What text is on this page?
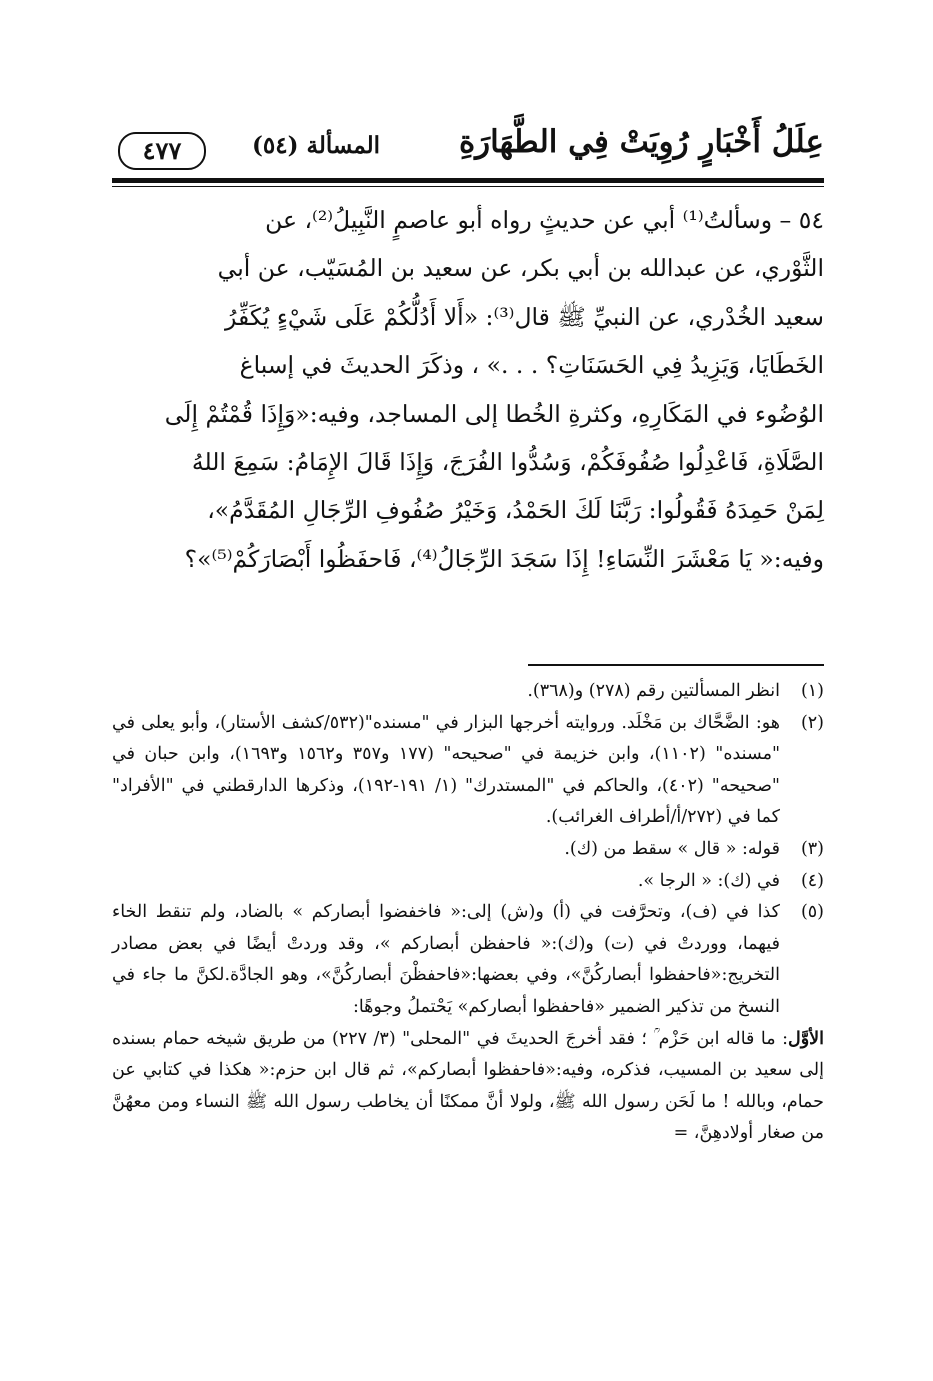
عِلَلُ أَخْبَارٍ رُوِيَتْ فِي الطَّهَارَةِ
المسألة (٥٤)
٤٧٧
٥٤ – وسألتُ⁽¹⁾ أبي عن حديثٍ رواه أبو عاصمٍ النَّبِيلُ⁽²⁾، عن
الثَّوْري، عن عبدالله بن أبي بكر، عن سعيد بن المُسَيّب، عن أبي
سعيد الخُدْري، عن النبيِّ ﷺ قال⁽³⁾: «أَلا أَدُلُّكُمْ عَلَى شَيْءٍ يُكَفِّرُ
الخَطَايَا، وَيَزِيدُ فِي الحَسَنَاتِ؟ . . .» ، وذكَرَ الحديثَ في إسباغ
الوُضُوء في المَكَارِهِ، وكثرةِ الخُطا إلى المساجد، وفيه:«وَإِذَا قُمْتُمْ إِلَى
الصَّلَاةِ، فَاعْدِلُوا صُفُوفَكُمْ، وَسُدُّوا الفُرَجَ، وَإِذَا قَالَ الإِمَامُ: سَمِعَ اللهُ
لِمَنْ حَمِدَهُ فَقُولُوا: رَبَّنَا لَكَ الحَمْدُ، وَخَيْرُ صُفُوفِ الرِّجَالِ المُقَدَّمُ»،
وفيه:« يَا مَعْشَرَ النِّسَاءِ! إِذَا سَجَدَ الرِّجَالُ⁽⁴⁾، فَاحفَظُوا أَبْصَارَكُمْ⁽⁵⁾»؟
(١)
انظر المسألتين رقم (٢٧٨) و(٣٦٨).
(٢)
هو: الضَّحَّاك بن مَخْلَد. وروايته أخرجها البزار في "مسنده"(٥٣٢/كشف الأستار)، وأبو يعلى في "مسنده" (١١٠٢)، وابن خزيمة في "صحيحه" (١٧٧ و٣٥٧ و١٥٦٢ و١٦٩٣)، وابن حبان في "صحيحه" (٤٠٢)، والحاكم في "المستدرك" (١/ ١٩١-١٩٢)، وذكرها الدارقطني في "الأفراد" كما في (٢٧٢/أ/أطراف الغرائب).
(٣)
قوله: « قال » سقط من (ك).
(٤)
في (ك): « الرجا ».
(٥)
كذا في (ف)، وتحرَّفت في (أ) و(ش) إلى:« فاخفضوا أبصاركم » بالضاد، ولم تنقط الخاء فيهما، ووردتْ في (ت) و(ك):« فاحفظن أبصاركم »، وقد وردتْ أيضًا في بعض مصادر التخريج:«فاحفظوا أبصاركُنَّ»، وفي بعضها:«فاحفظْنَ أبصاركُنَّ»، وهو الجادَّة.لكنَّ ما جاء في النسخ من تذكير الضمير «فاحفظوا أبصاركم» يَحْتملُ وجوهًا:
الأوَّل: ما قاله ابن حَزْم ؒ ؛ فقد أخرجَ الحديثَ في "المحلى" (٣/ ٢٢٧) من طريق شيخه حمام بسنده إلى سعيد بن المسيب، فذكره، وفيه:«فاحفظوا أبصاركم»، ثم قال ابن حزم:« هكذا في كتابي عن حمام، وبالله ! ما لَحَن رسول الله ﷺ، ولولا أنَّ ممكنًا أن يخاطب رسول الله ﷺ النساء ومن معهُنَّ من صغار أولادهِنَّ، =
